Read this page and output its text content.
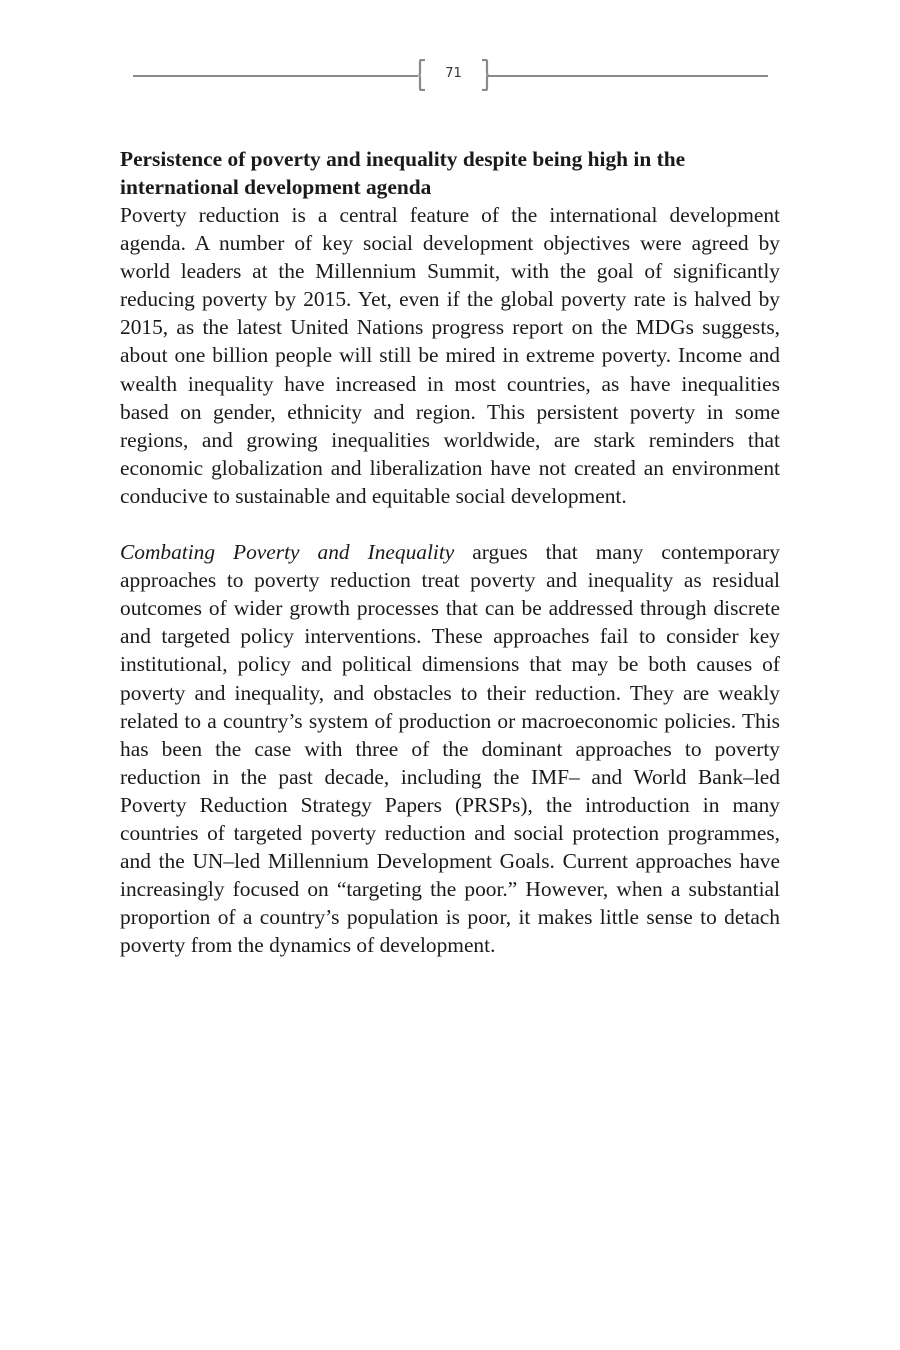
71
Persistence of poverty and inequality despite being high in the international development agenda

Poverty reduction is a central feature of the international development agenda. A number of key social development objectives were agreed by world leaders at the Millennium Summit, with the goal of significantly reducing poverty by 2015. Yet, even if the global poverty rate is halved by 2015, as the latest United Nations progress report on the MDGs suggests, about one billion people will still be mired in extreme poverty. Income and wealth inequality have increased in most countries, as have inequalities based on gender, ethnicity and region. This persistent poverty in some regions, and growing inequalities worldwide, are stark reminders that economic globalization and liberalization have not created an environment conducive to sustainable and equitable social development.

Combating Poverty and Inequality argues that many contemporary approaches to poverty reduction treat poverty and inequality as residual outcomes of wider growth processes that can be addressed through discrete and targeted policy interventions. These approaches fail to consider key institutional, policy and political dimensions that may be both causes of poverty and inequality, and obstacles to their reduction. They are weakly related to a country’s system of production or macroeconomic policies. This has been the case with three of the dominant approaches to poverty reduction in the past decade, including the IMF– and World Bank–led Poverty Reduction Strategy Papers (PRSPs), the introduction in many countries of targeted poverty reduction and social protection programmes, and the UN–led Millennium Development Goals. Current approaches have increasingly focused on “targeting the poor.” However, when a substantial proportion of a country’s population is poor, it makes little sense to detach poverty from the dynamics of development.
